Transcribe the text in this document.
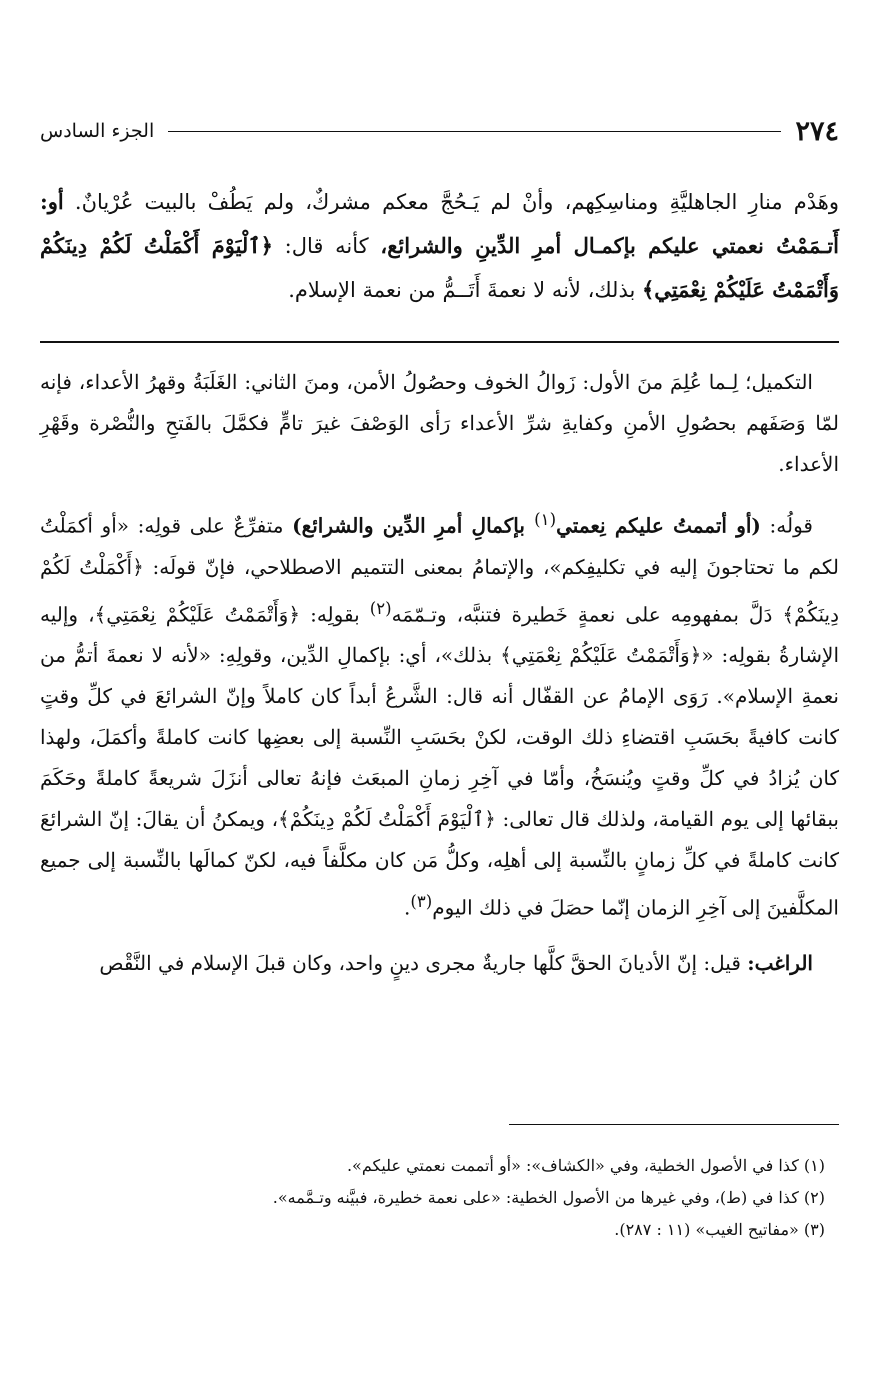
٢٧٤
الجزء السادس
وهَدْم منارِ الجاهليَّةِ ومناسِكِهم، وأنْ لم يَـحُجَّ معكم مشركٌ، ولم يَطُفْ بالبيت عُرْيانٌ. أو: أَتـمَمْتُ نعمتي عليكم بإكمـال أمرِ الدِّينِ والشرائع، كأنه قال: ﴿ٱلْيَوْمَ أَكْمَلْتُ لَكُمْ دِينَكُمْ وَأَتْمَمْتُ عَلَيْكُمْ نِعْمَتِي﴾ بذلك، لأنه لا نعمةَ أَتَــمُّ من نعمة الإسلام.

التكميل؛ لِـما عُلِمَ منَ الأول: زَوالُ الخوف وحصُولُ الأمن، ومنَ الثاني: الغَلَبَةُ وقهرُ الأعداء، فإنه لمّا وَصَفَهم بحصُولِ الأمنِ وكفايةِ شرِّ الأعداء رَأى الوَصْفَ غيرَ تامٍّ فكمَّلَ بالفَتحِ والنُّصْرة وقَهْرِ الأعداء.

قولُه: (أو أتممتُ عليكم نِعمتي$^{(١)}$ بإكمالِ أمرِ الدِّين والشرائع) متفرِّعٌ على قولِه: «أو أكمَلْتُ لكم ما تحتاجونَ إليه في تكليفِكم»، والإتمامُ بمعنى التتميم الاصطلاحي، فإنّ قولَه: ﴿أَكْمَلْتُ لَكُمْ دِينَكُمْ﴾ دَلَّ بمفهومِه على نعمةٍ خَطيرة فتنبَّه، وتـمّمَه$^{(٢)}$ بقولِه: ﴿وَأَتْمَمْتُ عَلَيْكُمْ نِعْمَتِي﴾، وإليه الإشارةُ بقولِه: «﴿وَأَتْمَمْتُ عَلَيْكُمْ نِعْمَتِي﴾ بذلك»، أي: بإكمالِ الدِّين، وقولِهِ: «لأنه لا نعمةَ أتمُّ من نعمةِ الإسلام». رَوَى الإمامُ عن القفّال أنه قال: الشَّرعُ أبداً كان كاملاً وإنّ الشرائعَ في كلِّ وقتٍ كانت كافيةً بحَسَبِ اقتضاءِ ذلك الوقت، لكنْ بحَسَبِ النِّسبة إلى بعضِها كانت كاملةً وأكمَلَ، ولهذا كان يُزادُ في كلِّ وقتٍ ويُنسَخُ، وأمّا في آخِرِ زمانِ المبعَث فإنهُ تعالى أنزَلَ شريعةً كاملةً وحَكَمَ ببقائها إلى يوم القيامة، ولذلك قال تعالى: ﴿ٱلْيَوْمَ أَكْمَلْتُ لَكُمْ دِينَكُمْ﴾، ويمكنُ أن يقالَ: إنّ الشرائعَ كانت كاملةً في كلِّ زمانٍ بالنِّسبة إلى أهلِه، وكلُّ مَن كان مكلَّفاً فيه، لكنّ كمالَها بالنِّسبة إلى جميع المكلَّفينَ إلى آخِرِ الزمان إنّما حصَلَ في ذلك اليوم$^{(٣)}$.

الراغب: قيل: إنّ الأديانَ الحقَّ كلَّها جاريةٌ مجرى دينٍ واحد، وكان قبلَ الإسلام في النَّقْص

(١) كذا في الأصول الخطية، وفي «الكشاف»: «أو أتممت نعمتي عليكم».

(٢) كذا في (ط)، وفي غيرها من الأصول الخطية: «على نعمة خطيرة، فبيَّنه وتـمَّمه».

(٣) «مفاتيح الغيب» (١١ : ٢٨٧).
